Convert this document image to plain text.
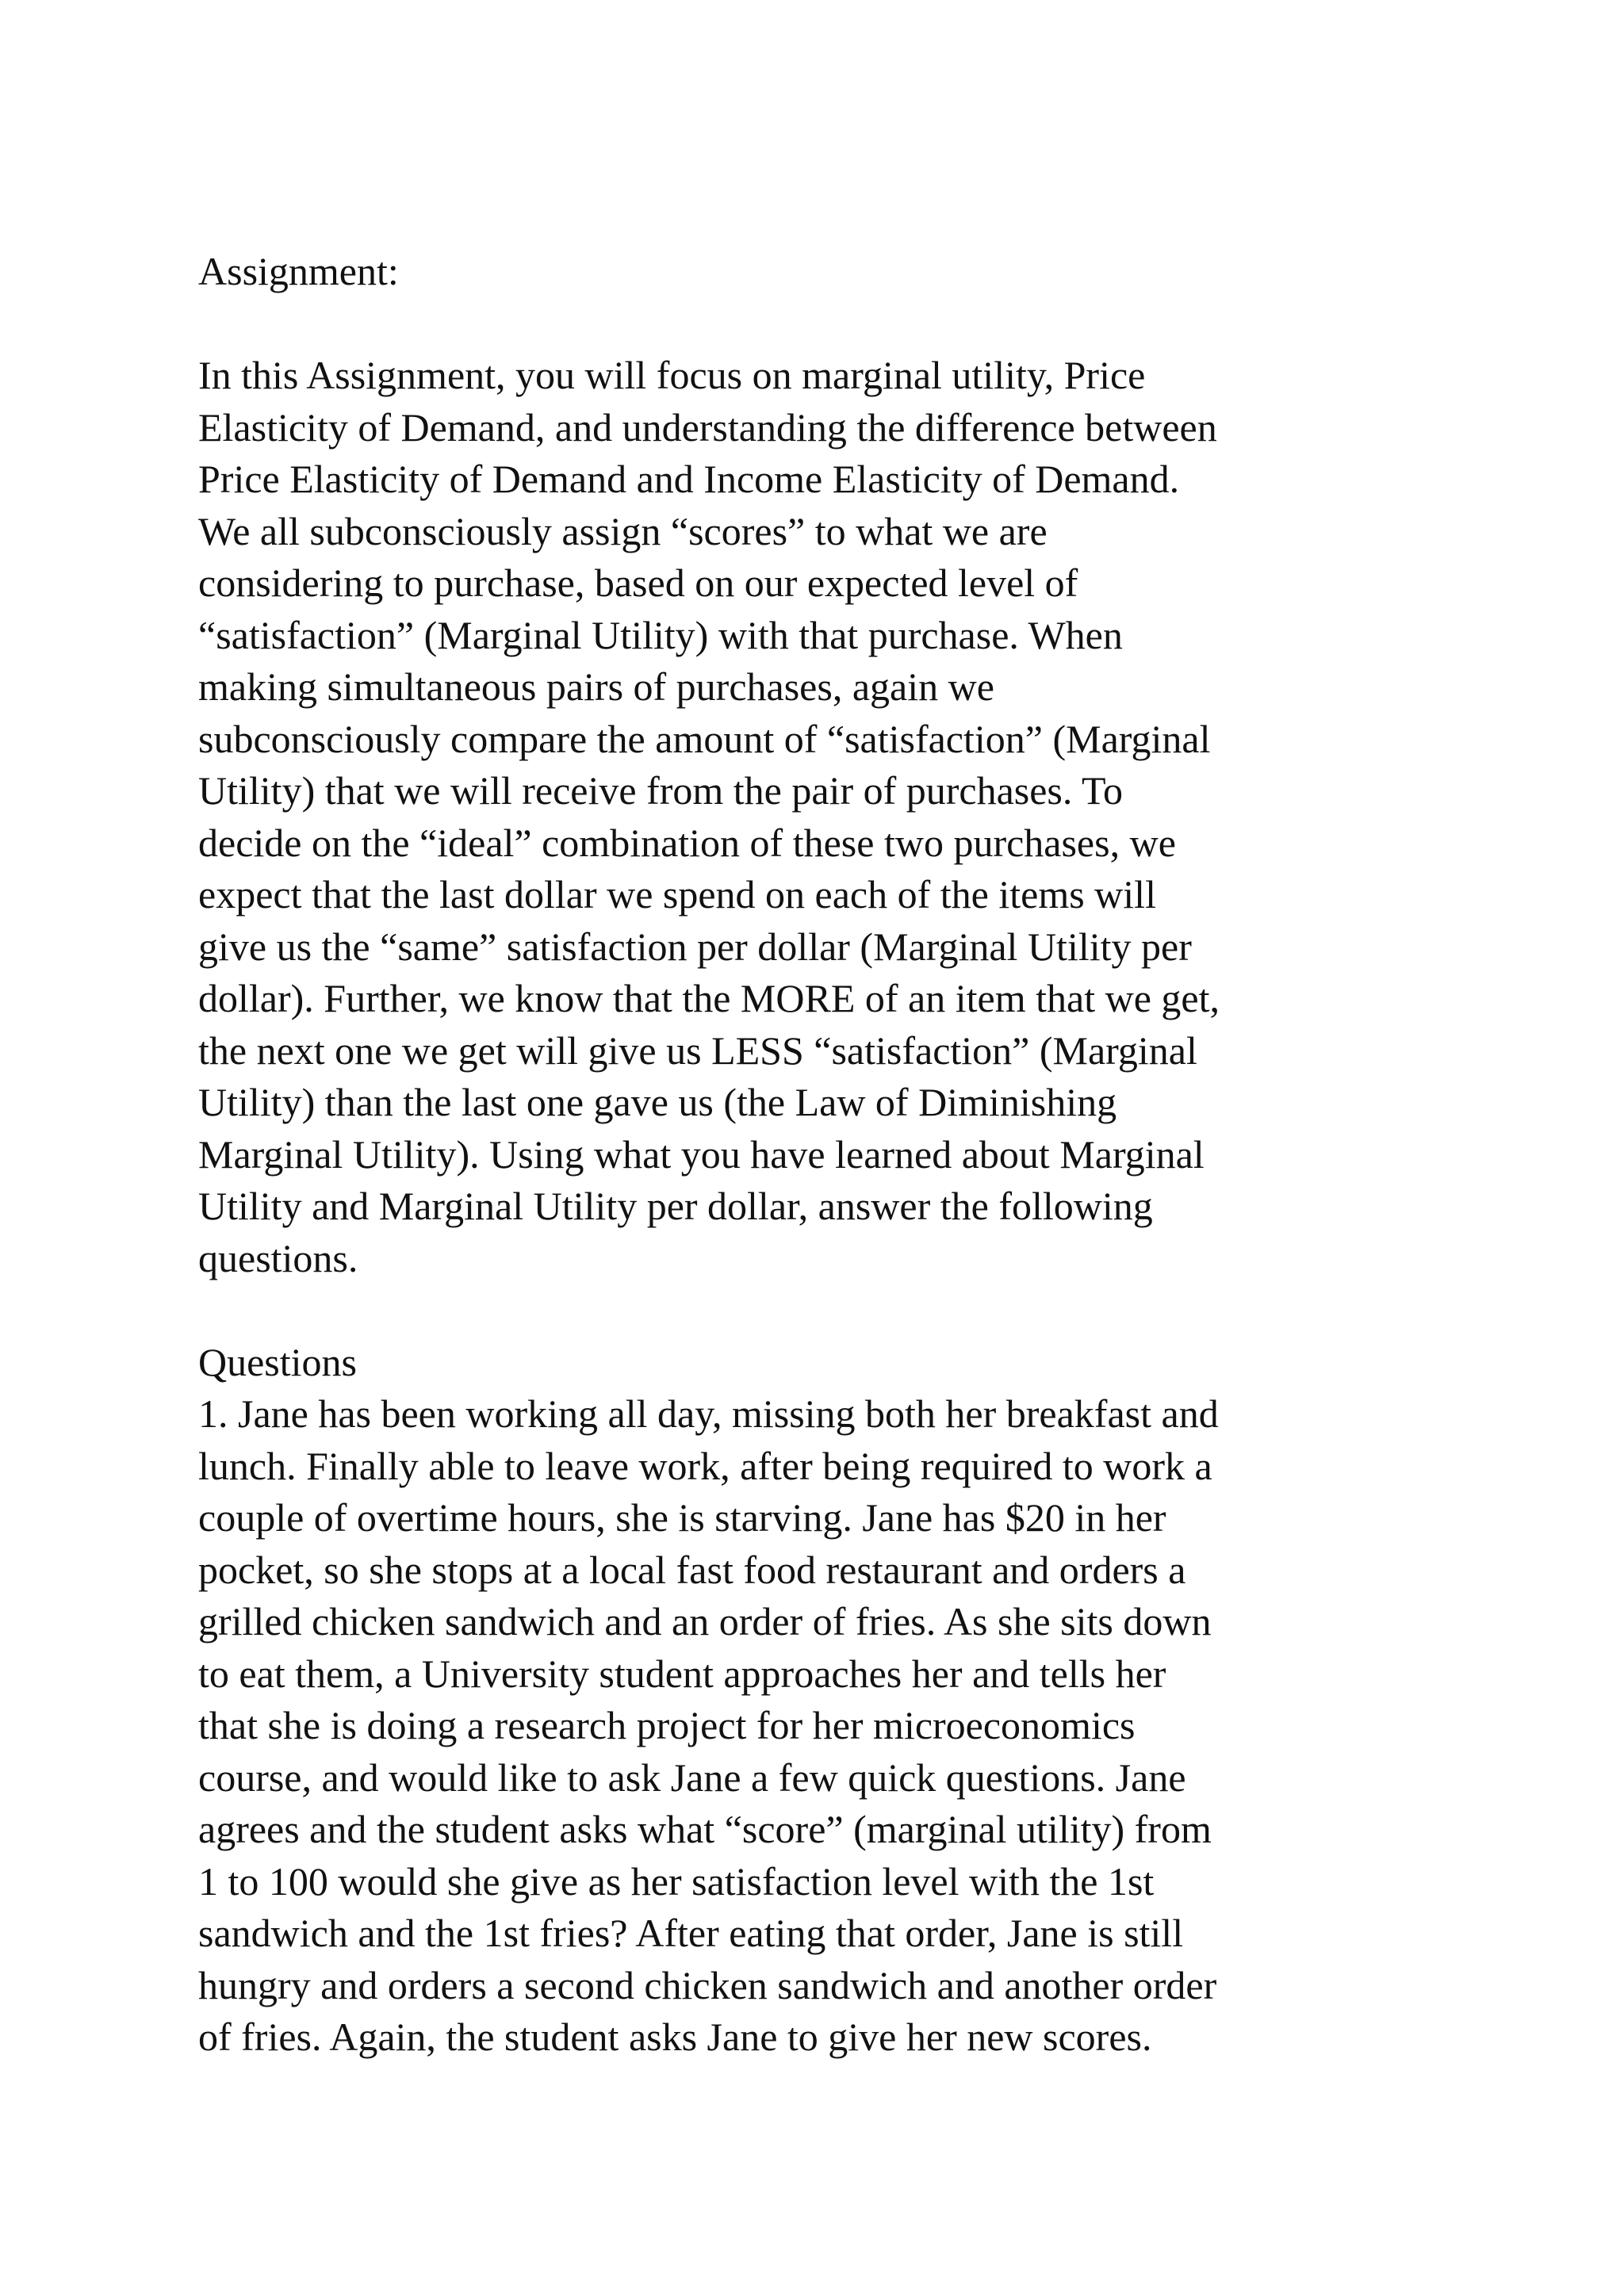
Assignment:
In this Assignment, you will focus on marginal utility, Price
Elasticity of Demand, and understanding the difference between
Price Elasticity of Demand and Income Elasticity of Demand.
We all subconsciously assign “scores” to what we are
considering to purchase, based on our expected level of
“satisfaction” (Marginal Utility) with that purchase. When
making simultaneous pairs of purchases, again we
subconsciously compare the amount of “satisfaction” (Marginal
Utility) that we will receive from the pair of purchases. To
decide on the “ideal” combination of these two purchases, we
expect that the last dollar we spend on each of the items will
give us the “same” satisfaction per dollar (Marginal Utility per
dollar). Further, we know that the MORE of an item that we get,
the next one we get will give us LESS “satisfaction” (Marginal
Utility) than the last one gave us (the Law of Diminishing
Marginal Utility). Using what you have learned about Marginal
Utility and Marginal Utility per dollar, answer the following
questions.
Questions
1. Jane has been working all day, missing both her breakfast and
lunch. Finally able to leave work, after being required to work a
couple of overtime hours, she is starving. Jane has $20 in her
pocket, so she stops at a local fast food restaurant and orders a
grilled chicken sandwich and an order of fries. As she sits down
to eat them, a University student approaches her and tells her
that she is doing a research project for her microeconomics
course, and would like to ask Jane a few quick questions. Jane
agrees and the student asks what “score” (marginal utility) from
1 to 100 would she give as her satisfaction level with the 1st
sandwich and the 1st fries? After eating that order, Jane is still
hungry and orders a second chicken sandwich and another order
of fries. Again, the student asks Jane to give her new scores.
